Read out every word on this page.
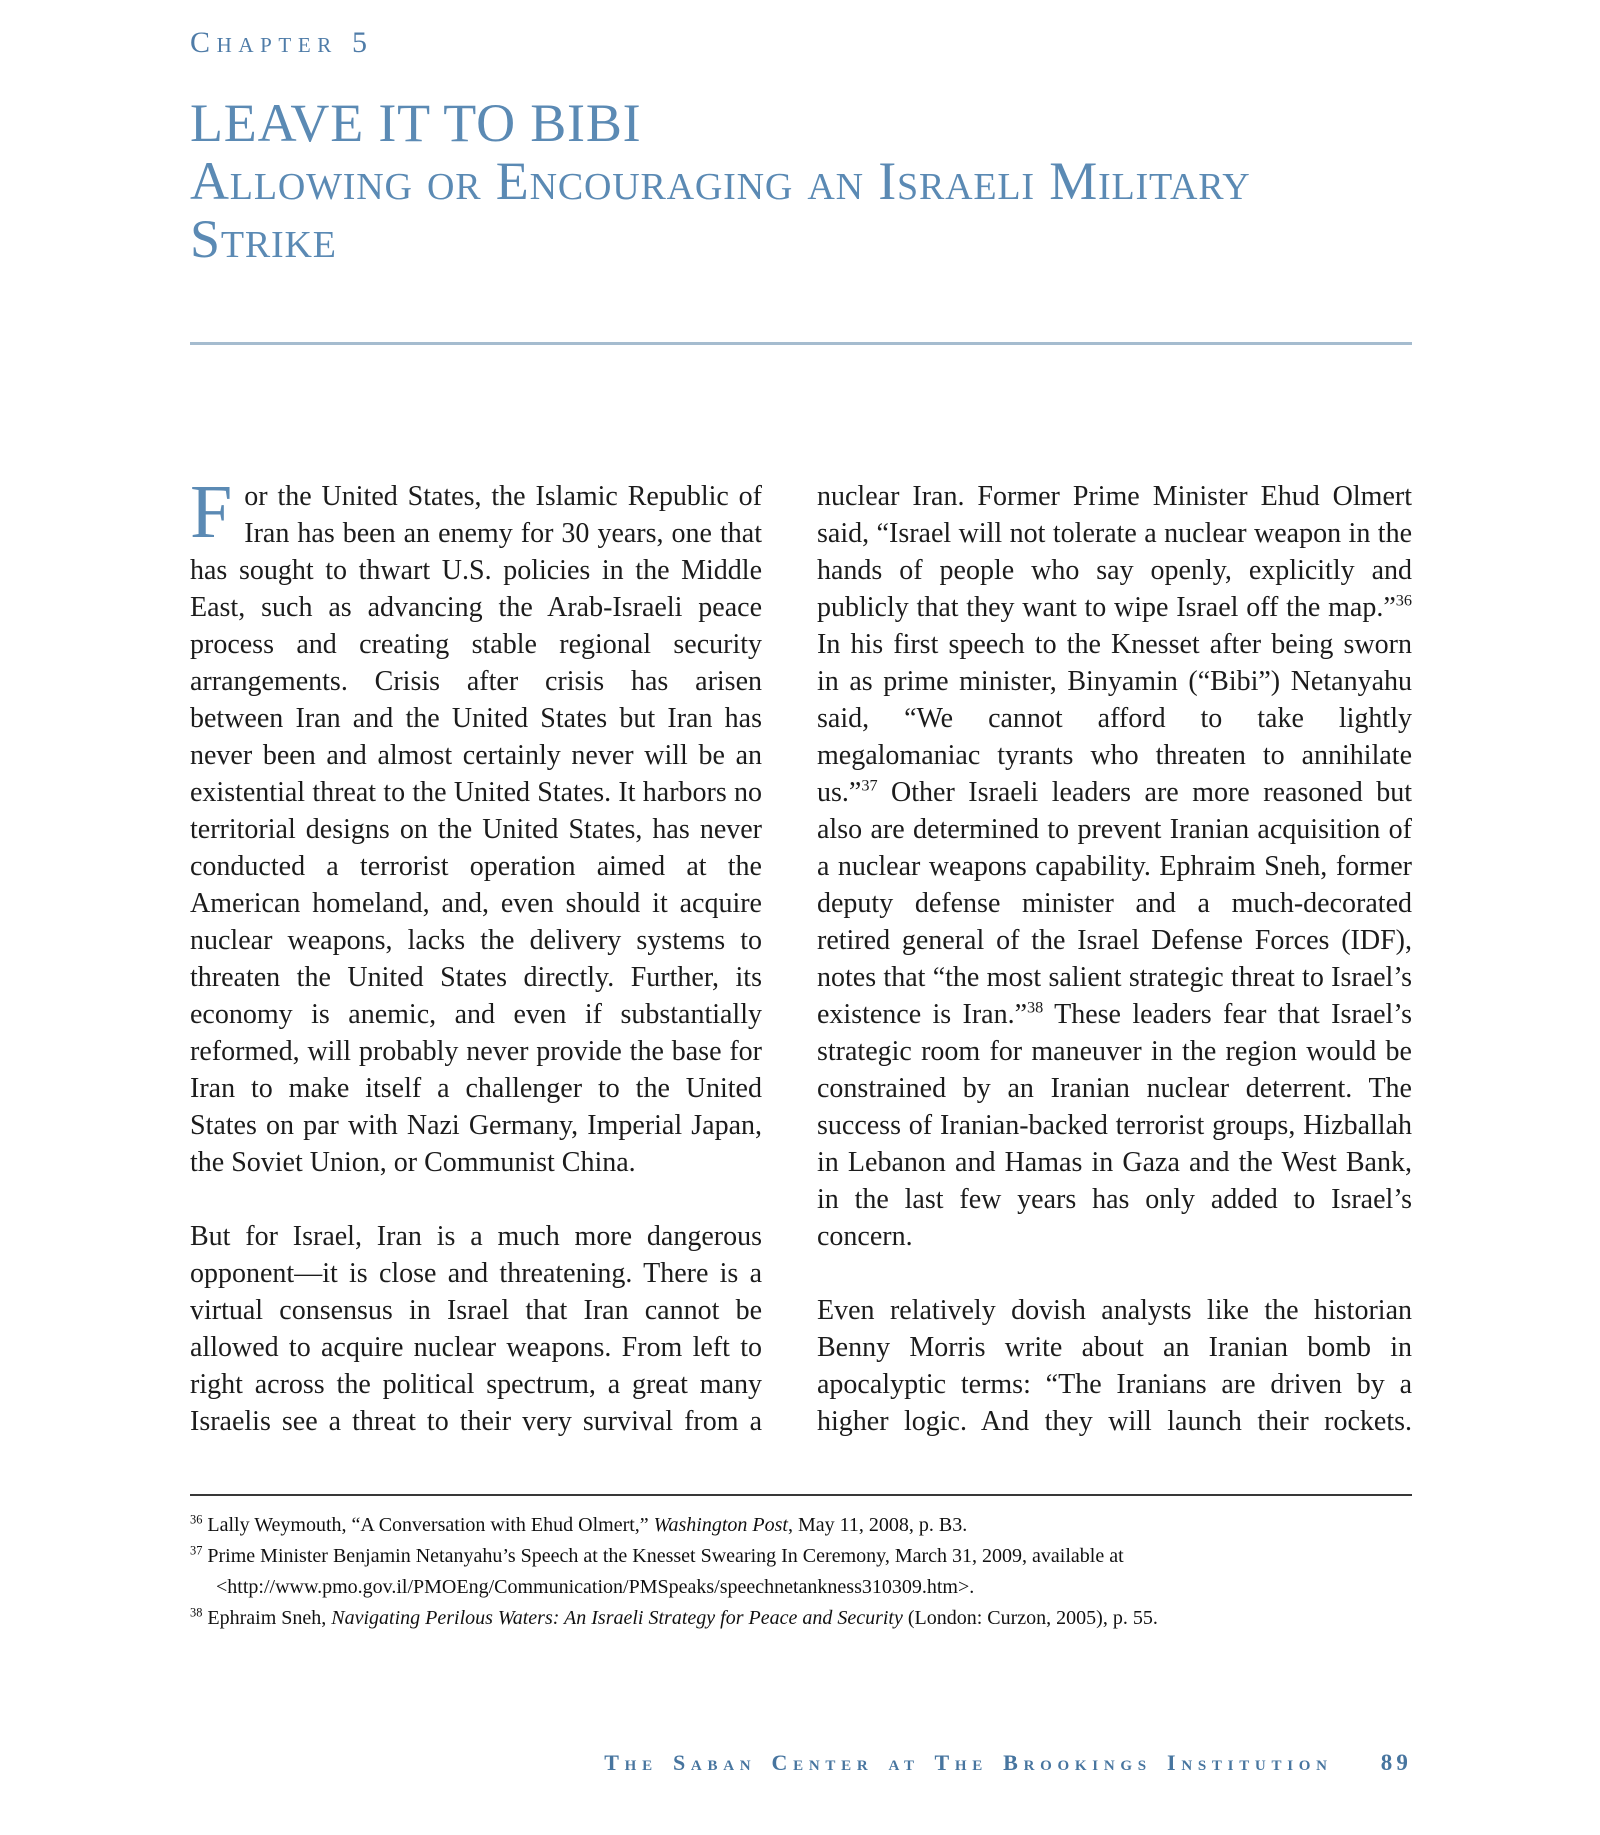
Chapter 5
LEAVE IT TO BIBI
Allowing or Encouraging an Israeli Military Strike

For the United States, the Islamic Republic of Iran has been an enemy for 30 years, one that has sought to thwart U.S. policies in the Middle East, such as advancing the Arab-Israeli peace process and creating stable regional security arrangements. Crisis after crisis has arisen between Iran and the United States but Iran has never been and almost certainly never will be an existential threat to the United States. It harbors no territorial designs on the United States, has never conducted a terrorist operation aimed at the American homeland, and, even should it acquire nuclear weapons, lacks the delivery systems to threaten the United States directly. Further, its economy is anemic, and even if substantially reformed, will probably never provide the base for Iran to make itself a challenger to the United States on par with Nazi Germany, Imperial Japan, the Soviet Union, or Communist China.

But for Israel, Iran is a much more dangerous opponent—it is close and threatening. There is a virtual consensus in Israel that Iran cannot be allowed to acquire nuclear weapons. From left to right across the political spectrum, a great many Israelis see a threat to their very survival from a

nuclear Iran. Former Prime Minister Ehud Olmert said, “Israel will not tolerate a nuclear weapon in the hands of people who say openly, explicitly and publicly that they want to wipe Israel off the map.”$^{36}$ In his first speech to the Knesset after being sworn in as prime minister, Binyamin (“Bibi”) Netanyahu said, “We cannot afford to take lightly megalomaniac tyrants who threaten to annihilate us.”$^{37}$ Other Israeli leaders are more reasoned but also are determined to prevent Iranian acquisition of a nuclear weapons capability. Ephraim Sneh, former deputy defense minister and a much-decorated retired general of the Israel Defense Forces (IDF), notes that “the most salient strategic threat to Israel’s existence is Iran.”$^{38}$ These leaders fear that Israel’s strategic room for maneuver in the region would be constrained by an Iranian nuclear deterrent. The success of Iranian-backed terrorist groups, Hizballah in Lebanon and Hamas in Gaza and the West Bank, in the last few years has only added to Israel’s concern.

Even relatively dovish analysts like the historian Benny Morris write about an Iranian bomb in apocalyptic terms: “The Iranians are driven by a higher logic. And they will launch their rockets.

$^{36}$ Lally Weymouth, “A Conversation with Ehud Olmert,” Washington Post, May 11, 2008, p. B3.

$^{37}$ Prime Minister Benjamin Netanyahu’s Speech at the Knesset Swearing In Ceremony, March 31, 2009, available at <http://www.pmo.gov.il/PMOEng/Communication/PMSpeaks/speechnetankness310309.htm>.

$^{38}$ Ephraim Sneh, Navigating Perilous Waters: An Israeli Strategy for Peace and Security (London: Curzon, 2005), p. 55.

The Saban Center at The Brookings Institution 89
